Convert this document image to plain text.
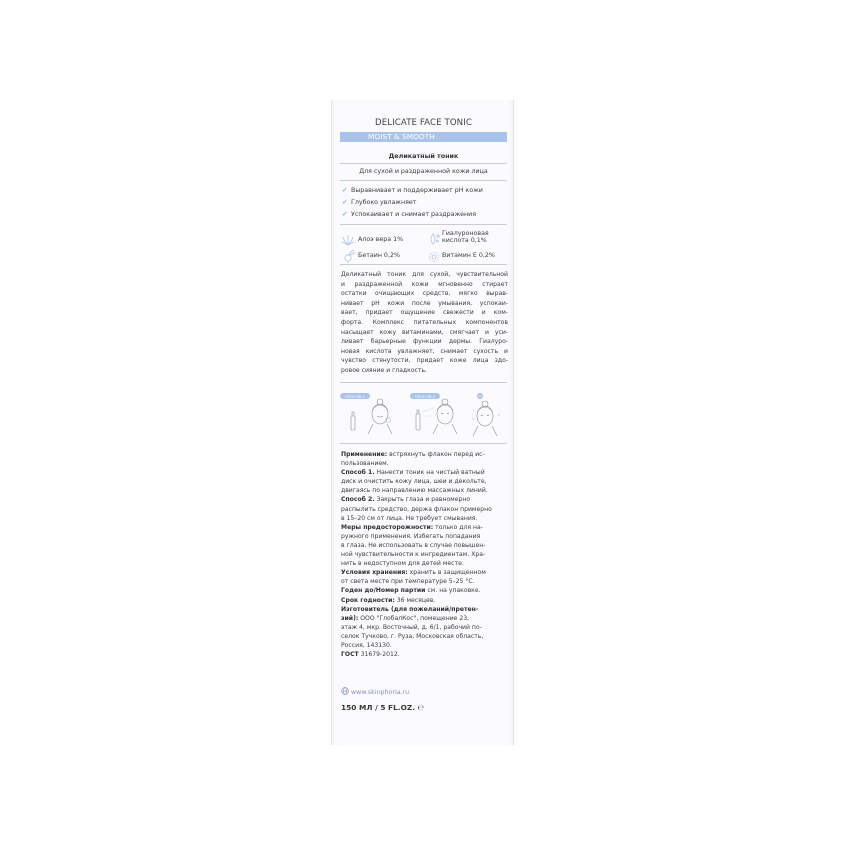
DELICATE FACE TONIC
MOIST & SMOOTH
Деликатный тоник
Для сухой и раздраженной кожи лица
✓ Выравнивает и поддерживает pH кожи
✓ Глубоко увлажняет
✓ Успокаивает и снимает раздражения
Алоэ вера 1%
Гиалуроновая
кислота 0,1%
Бетаин 0,2%	Витамин Е 0,2%
Деликатный тоник для сухой, чувствительной
и раздраженной кожи мгновенно стирает
остатки очищающих средств, мягко вырав-
нивает pH кожи после умывания, успокаи-
вает, придает ощущение свежести и ком-
форта. Комплекс питательных компонентов
насыщает кожу витаминами, смягчает и уси-
ливает барьерные функции дермы. Гиалуро-
новая кислота увлажняет, снимает сухость и
чувство стянутости, придает коже лица здо-
ровое сияние и гладкость.
СПОСОБ 1	СПОСОБ 2
Применение: встряхнуть флакон перед ис-
пользованием.
Способ 1. Нанести тоник на чистый ватный
диск и очистить кожу лица, шеи и декольте,
двигаясь по направлению массажных линий.
Способ 2. Закрыть глаза и равномерно
распылить средство, держа флакон примерно
в 15–20 см от лица. Не требует смывания.
Меры предосторожности: только для на-
ружного применения. Избегать попадания
в глаза. Не использовать в случае повышен-
ной чувствительности к ингредиентам. Хра-
нить в недоступном для детей месте.
Условия хранения: хранить в защищенном
от света месте при температуре 5–25 °С.
Годен до/Номер партии см. на упаковке.
Срок годности: 36 месяцев.
Изготовитель (для пожеланий/претен-
зий): ООО "ГлобалКос", помещение 23,
этаж 4, мкр. Восточный, д. 6/1, рабочий по-
селок Тучково, г. Руза, Московская область,
Россия, 143130.
ГОСТ 31679-2012.
www.skinphoria.ru
150 МЛ / 5 FL.OZ. ℮
